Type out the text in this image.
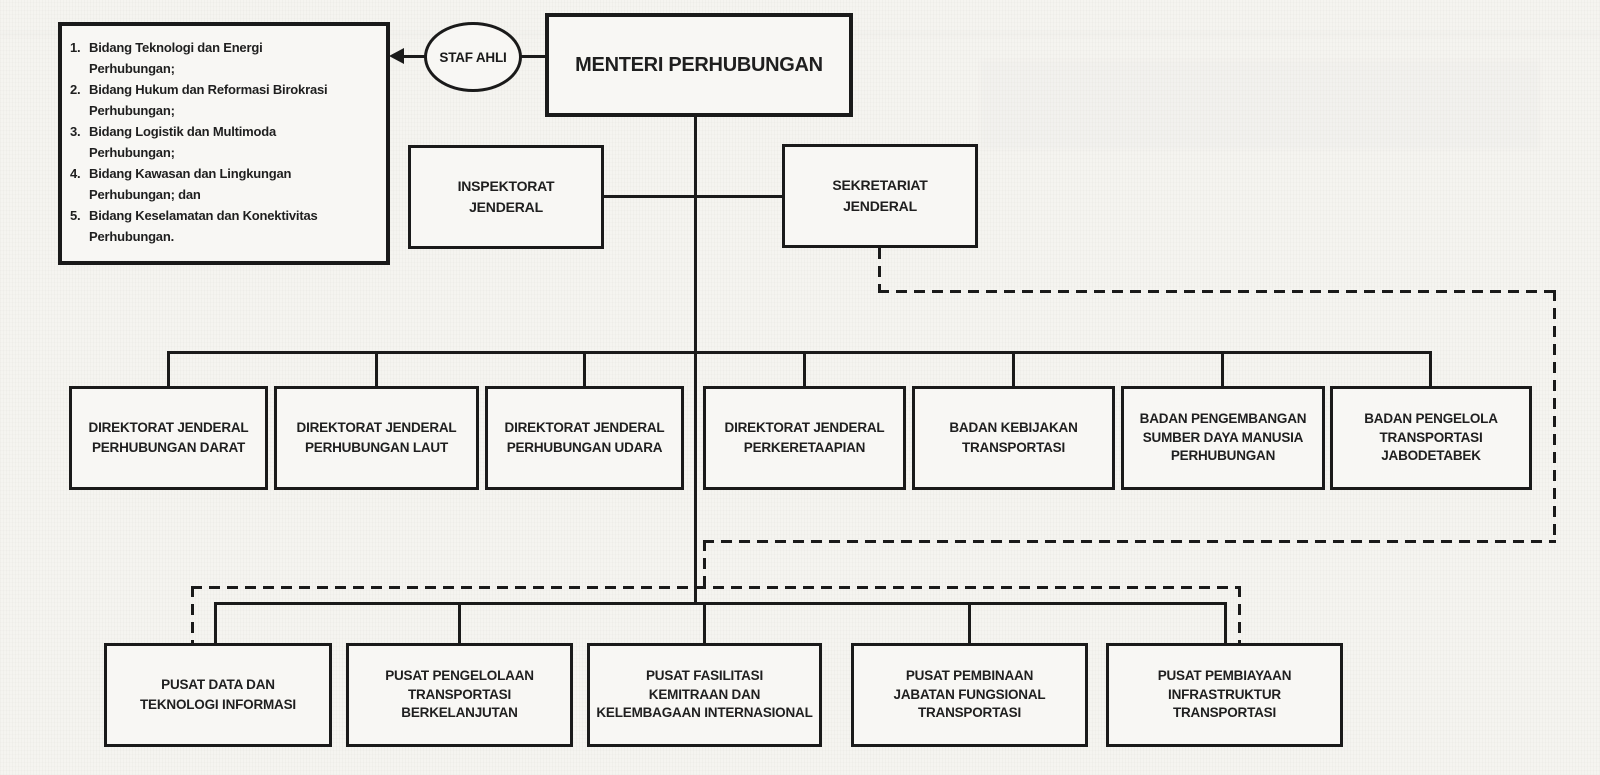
MENTERI PERHUBUNGAN
STAF AHLI
1. Bidang Teknologi dan Energi
Perhubungan;
2. Bidang Hukum dan Reformasi Birokrasi
Perhubungan;
3. Bidang Logistik dan Multimoda
Perhubungan;
4. Bidang Kawasan dan Lingkungan
Perhubungan; dan
5. Bidang Keselamatan dan Konektivitas
Perhubungan.
INSPEKTORAT
JENDERAL
SEKRETARIAT
JENDERAL
DIREKTORAT JENDERAL
PERHUBUNGAN DARAT
DIREKTORAT JENDERAL
PERHUBUNGAN LAUT
DIREKTORAT JENDERAL
PERHUBUNGAN UDARA
DIREKTORAT JENDERAL
PERKERETAAPIAN
BADAN KEBIJAKAN
TRANSPORTASI
BADAN PENGEMBANGAN
SUMBER DAYA MANUSIA
PERHUBUNGAN
BADAN PENGELOLA
TRANSPORTASI
JABODETABEK
PUSAT DATA DAN
TEKNOLOGI INFORMASI
PUSAT PENGELOLAAN
TRANSPORTASI
BERKELANJUTAN
PUSAT FASILITASI
KEMITRAAN DAN
KELEMBAGAAN INTERNASIONAL
PUSAT PEMBINAAN
JABATAN FUNGSIONAL
TRANSPORTASI
PUSAT PEMBIAYAAN
INFRASTRUKTUR
TRANSPORTASI
